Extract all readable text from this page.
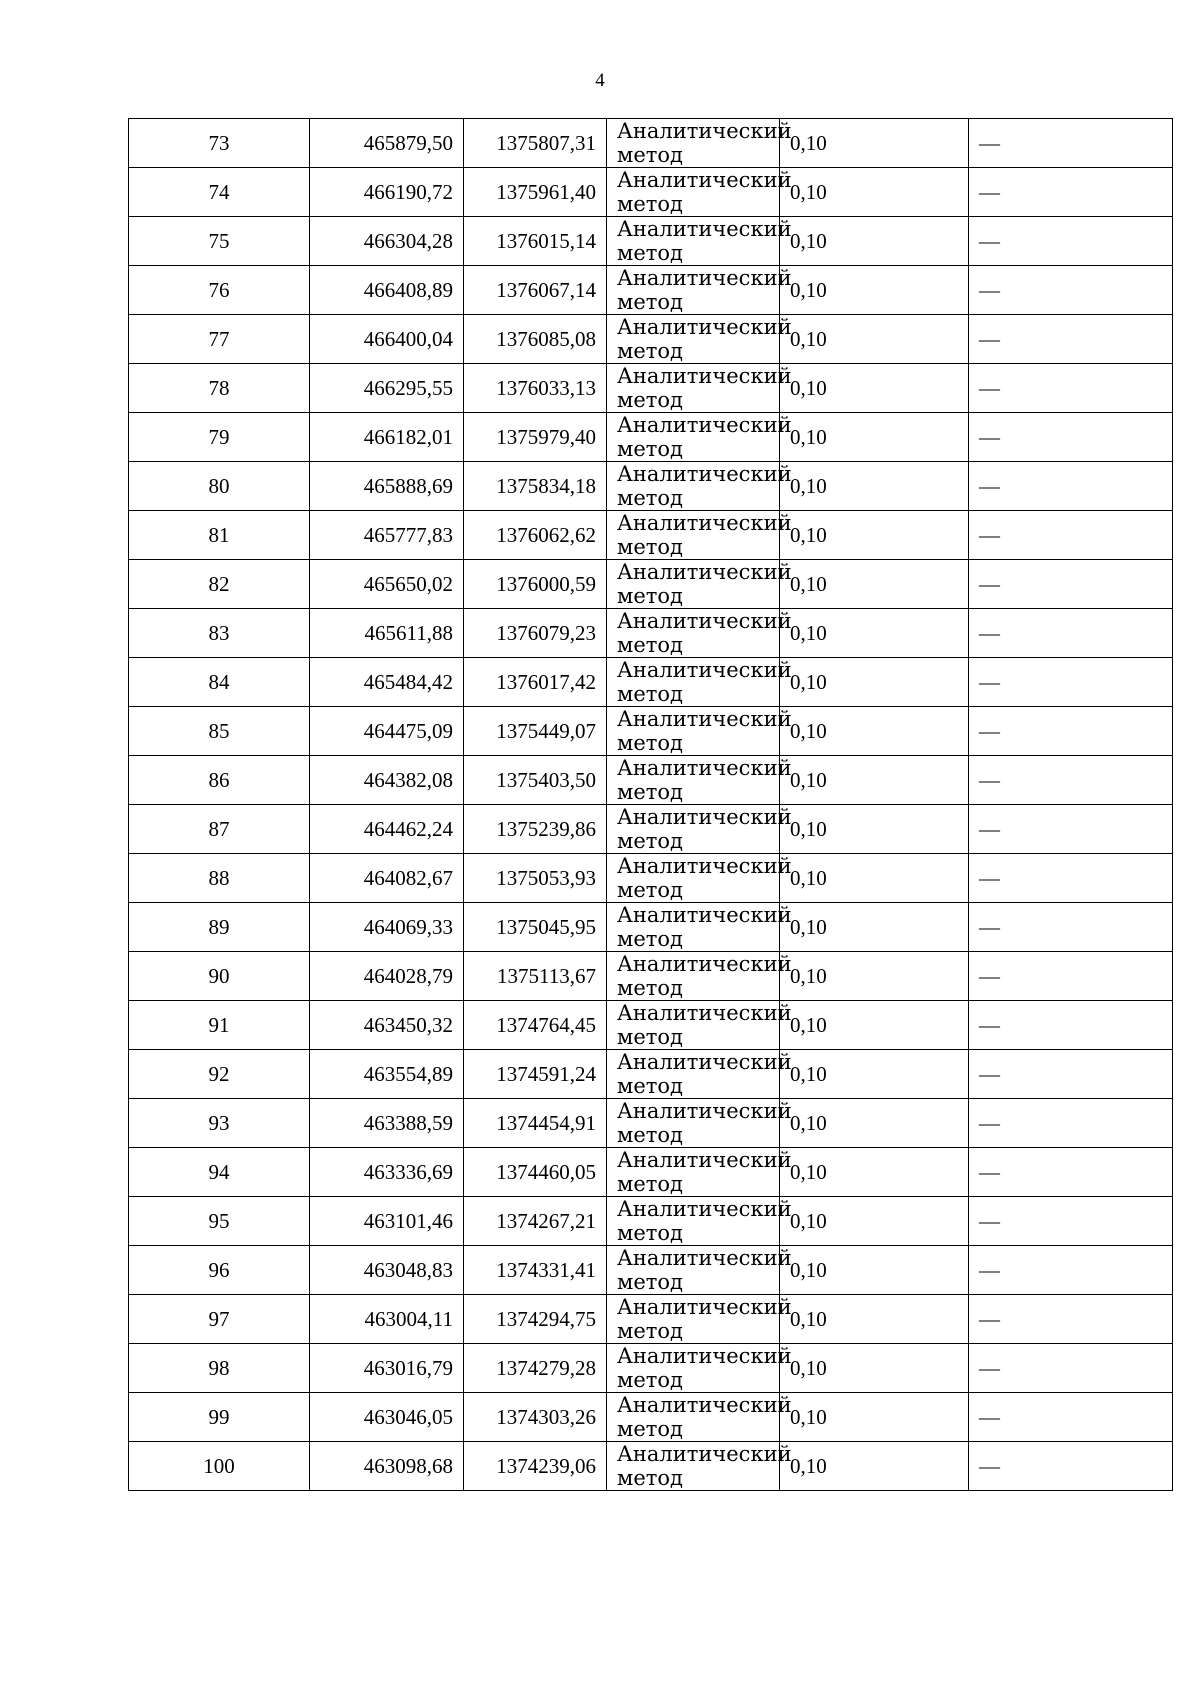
4
73	465879,50	1375807,31	Аналитический
метод	0,10	—
74	466190,72	1375961,40	Аналитический
метод	0,10	—
75	466304,28	1376015,14	Аналитический
метод	0,10	—
76	466408,89	1376067,14	Аналитический
метод	0,10	—
77	466400,04	1376085,08	Аналитический
метод	0,10	—
78	466295,55	1376033,13	Аналитический
метод	0,10	—
79	466182,01	1375979,40	Аналитический
метод	0,10	—
80	465888,69	1375834,18	Аналитический
метод	0,10	—
81	465777,83	1376062,62	Аналитический
метод	0,10	—
82	465650,02	1376000,59	Аналитический
метод	0,10	—
83	465611,88	1376079,23	Аналитический
метод	0,10	—
84	465484,42	1376017,42	Аналитический
метод	0,10	—
85	464475,09	1375449,07	Аналитический
метод	0,10	—
86	464382,08	1375403,50	Аналитический
метод	0,10	—
87	464462,24	1375239,86	Аналитический
метод	0,10	—
88	464082,67	1375053,93	Аналитический
метод	0,10	—
89	464069,33	1375045,95	Аналитический
метод	0,10	—
90	464028,79	1375113,67	Аналитический
метод	0,10	—
91	463450,32	1374764,45	Аналитический
метод	0,10	—
92	463554,89	1374591,24	Аналитический
метод	0,10	—
93	463388,59	1374454,91	Аналитический
метод	0,10	—
94	463336,69	1374460,05	Аналитический
метод	0,10	—
95	463101,46	1374267,21	Аналитический
метод	0,10	—
96	463048,83	1374331,41	Аналитический
метод	0,10	—
97	463004,11	1374294,75	Аналитический
метод	0,10	—
98	463016,79	1374279,28	Аналитический
метод	0,10	—
99	463046,05	1374303,26	Аналитический
метод	0,10	—
100	463098,68	1374239,06	Аналитический
метод	0,10	—
